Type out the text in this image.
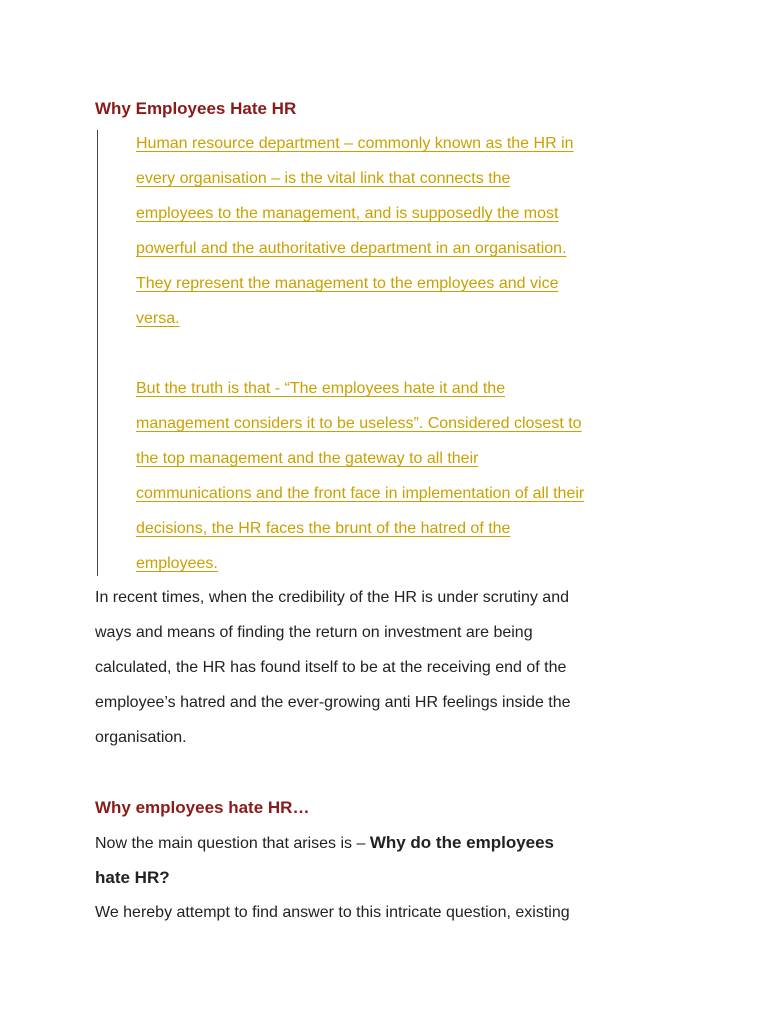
Why Employees Hate HR
Human resource department – commonly known as the HR in
every organisation – is the vital link that connects the
employees to the management, and is supposedly the most
powerful and the authoritative department in an organisation.
They represent the management to the employees and vice
versa.
But the truth is that - “The employees hate it and the
management considers it to be useless”. Considered closest to
the top management and the gateway to all their
communications and the front face in implementation of all their
decisions, the HR faces the brunt of the hatred of the
employees.
In recent times, when the credibility of the HR is under scrutiny and
ways and means of finding the return on investment are being
calculated, the HR has found itself to be at the receiving end of the
employee’s hatred and the ever-growing anti HR feelings inside the
organisation.
Why employees hate HR…
Now the main question that arises is – Why do the employees
hate HR?
We hereby attempt to find answer to this intricate question, existing
